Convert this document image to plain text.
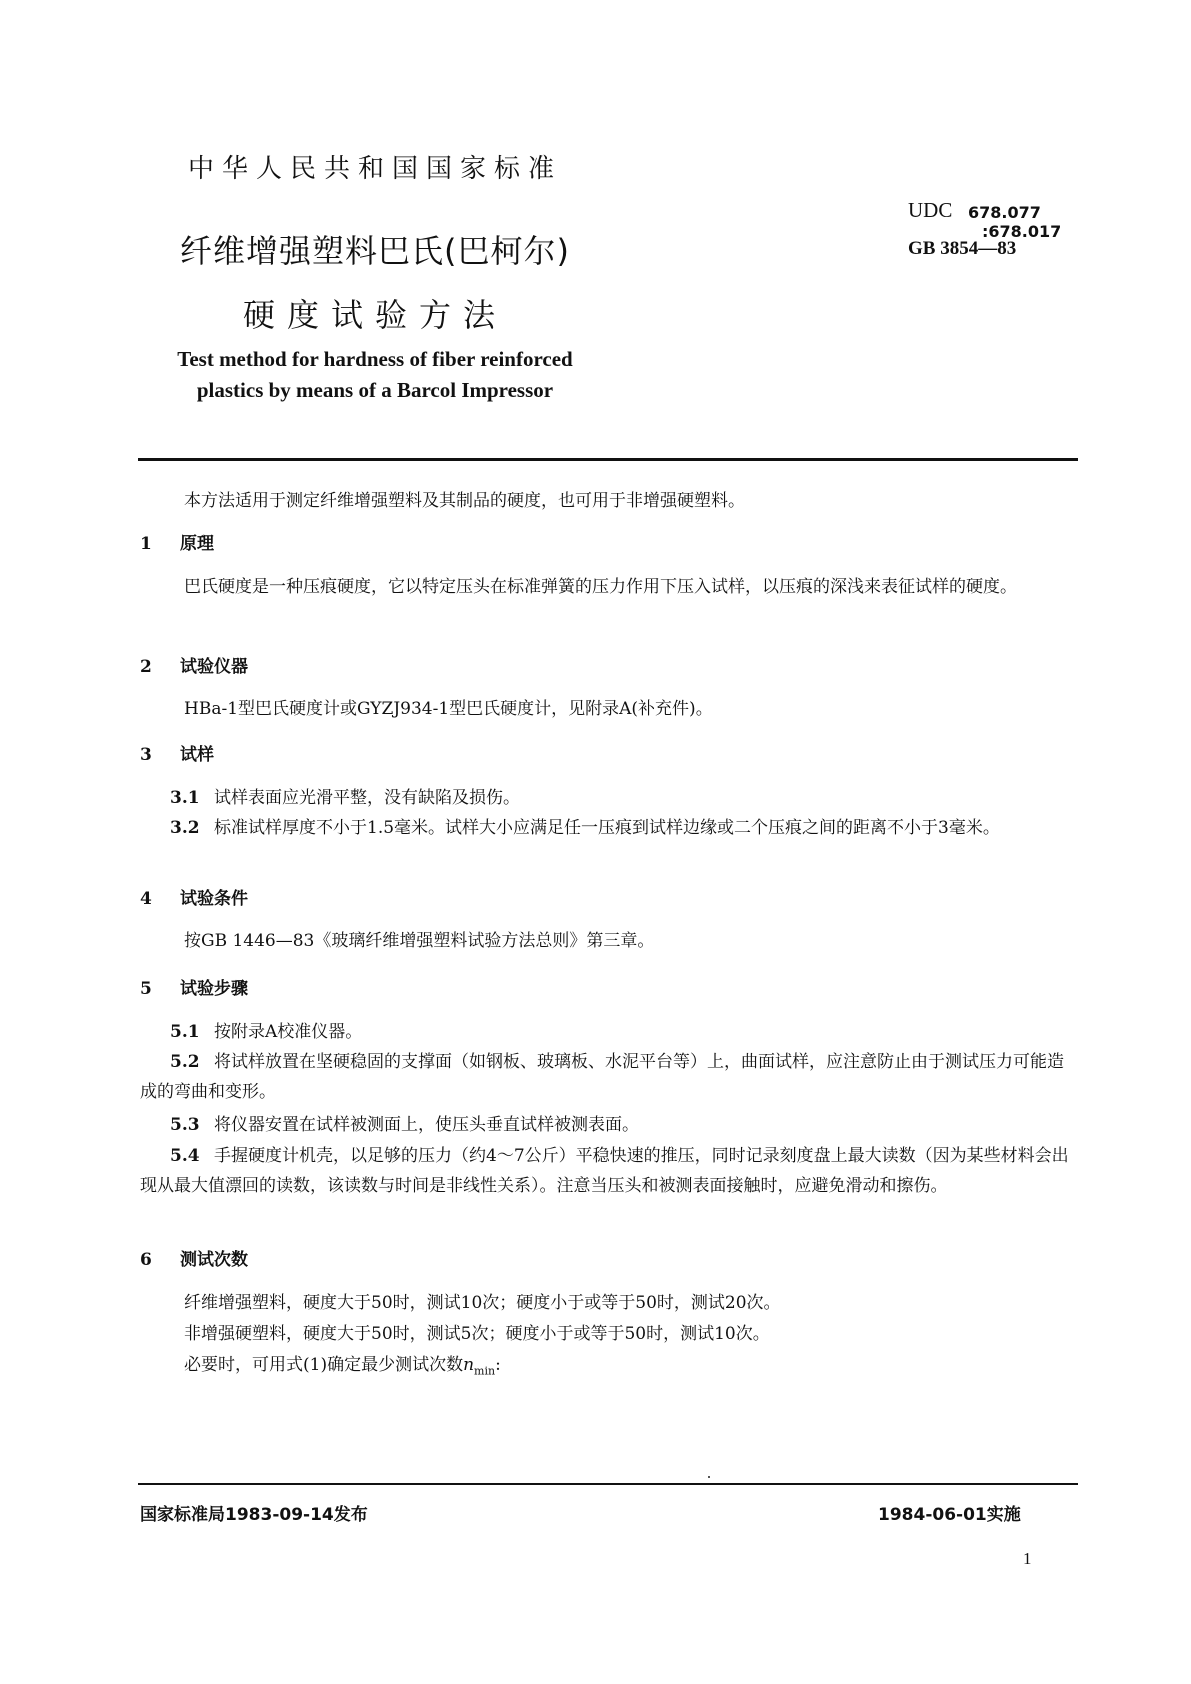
中华人民共和国国家标准
纤维增强塑料巴氏(巴柯尔)
硬度试验方法
Test method for hardness of fiber reinforced
plastics by means of a Barcol Impressor
UDC 678.077
:678.017
GB 3854—83
本方法适用于测定纤维增强塑料及其制品的硬度，也可用于非增强硬塑料。
1 原理
巴氏硬度是一种压痕硬度，它以特定压头在标准弹簧的压力作用下压入试样，以压痕的深浅来表征试样的硬度。
2 试验仪器
HBa-1型巴氏硬度计或GYZJ934-1型巴氏硬度计，见附录A(补充件)。
3 试样
3.1 试样表面应光滑平整，没有缺陷及损伤。
3.2 标准试样厚度不小于1.5毫米。试样大小应满足任一压痕到试样边缘或二个压痕之间的距离不小于3毫米。
4 试验条件
按GB 1446—83《玻璃纤维增强塑料试验方法总则》第三章。
5 试验步骤
5.1 按附录A校准仪器。
5.2 将试样放置在坚硬稳固的支撑面（如钢板、玻璃板、水泥平台等）上，曲面试样，应注意防止由于测试压力可能造成的弯曲和变形。
5.3 将仪器安置在试样被测面上，使压头垂直试样被测表面。
5.4 手握硬度计机壳，以足够的压力（约4～7公斤）平稳快速的推压，同时记录刻度盘上最大读数（因为某些材料会出现从最大值漂回的读数，该读数与时间是非线性关系）。注意当压头和被测表面接触时，应避免滑动和擦伤。
6 测试次数
纤维增强塑料，硬度大于50时，测试10次；硬度小于或等于50时，测试20次。
非增强硬塑料，硬度大于50时，测试5次；硬度小于或等于50时，测试10次。
必要时，可用式(1)确定最少测试次数$n_{min}$:
国家标准局1983-09-14发布	1984-06-01实施
1
